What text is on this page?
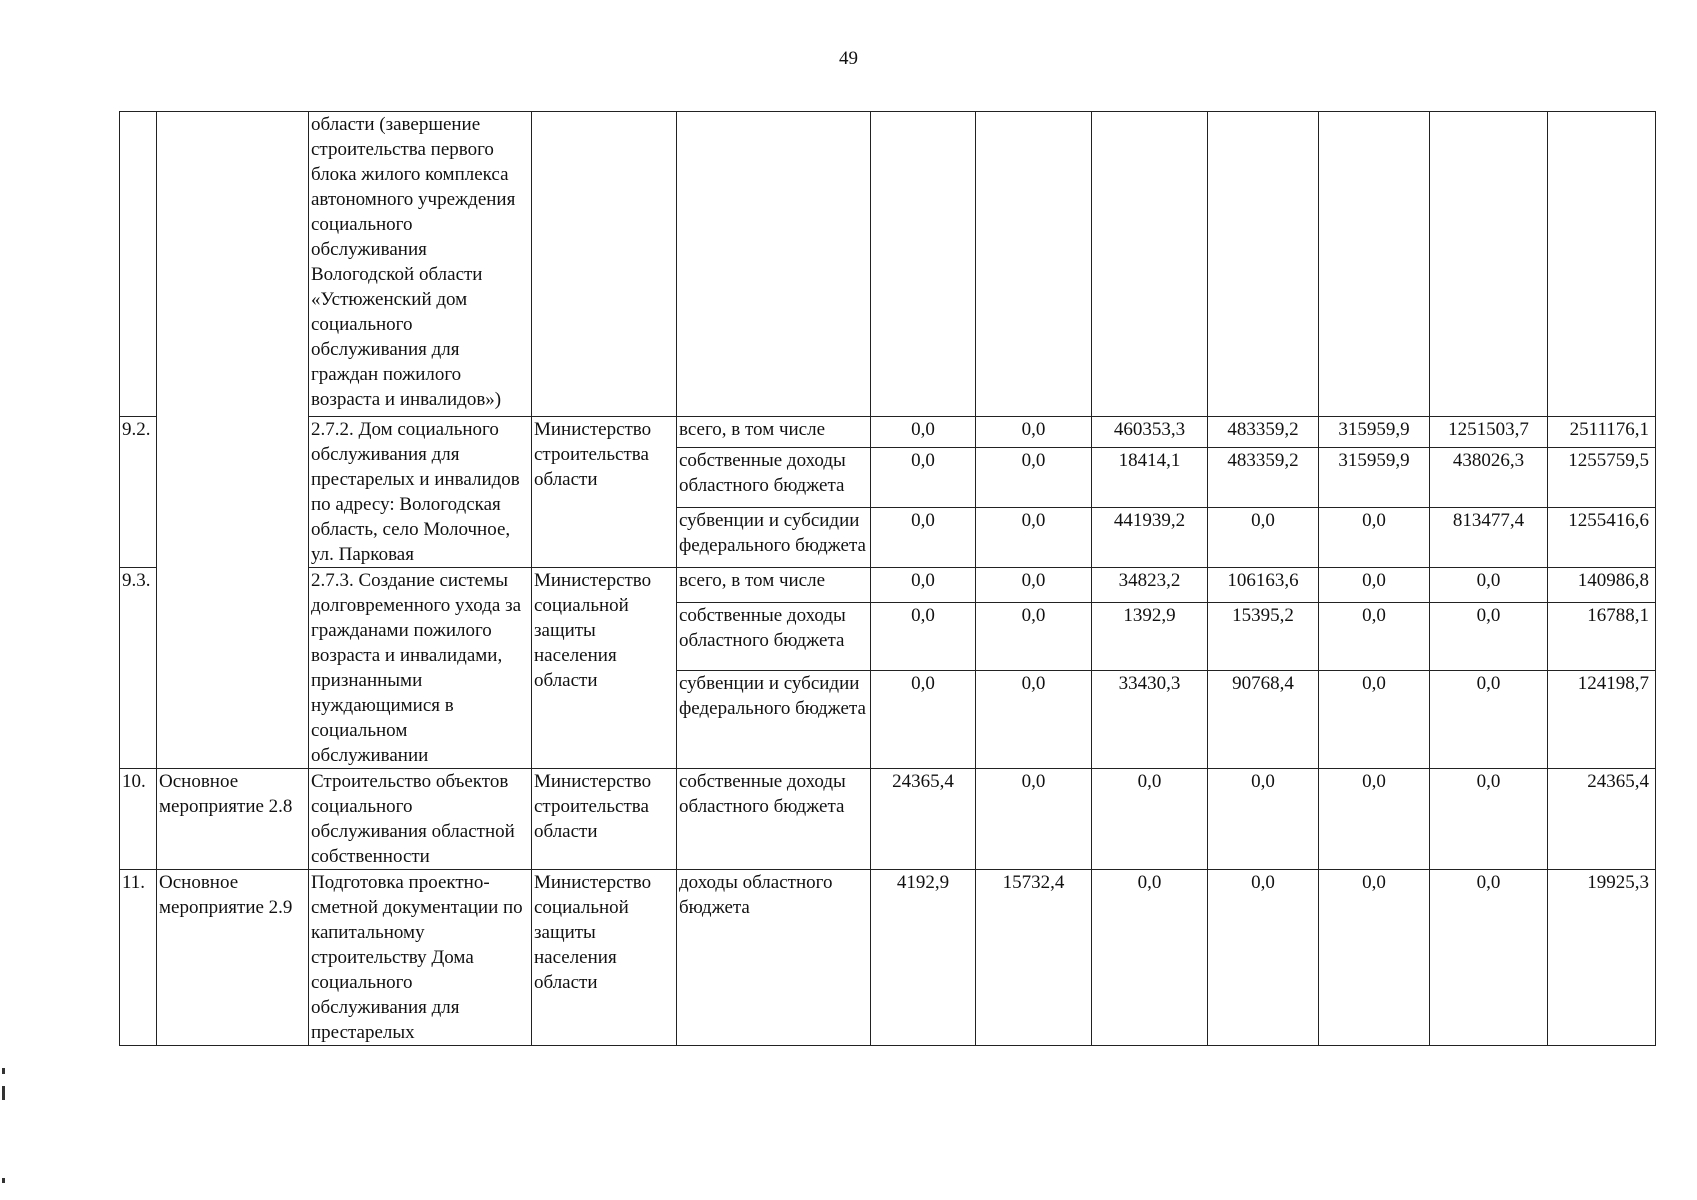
49
		области (завершение строительства первого блока жилого комплекса автономного учреждения социального обслуживания Вологодской области «Устюженский дом социального обслуживания для граждан пожилого возраста и инвалидов»)									
9.2.		2.7.2. Дом социального обслуживания для престарелых и инвалидов по адресу: Вологодская область, село Молочное, ул. Парковая	Министерство строительства области	всего, в том числе	0,0	0,0	460353,3	483359,2	315959,9	1251503,7	2511176,1
				собственные доходы областного бюджета	0,0	0,0	18414,1	483359,2	315959,9	438026,3	1255759,5
				субвенции и субсидии федерального бюджета	0,0	0,0	441939,2	0,0	0,0	813477,4	1255416,6
9.3.		2.7.3. Создание системы долговременного ухода за гражданами пожилого возраста и инвалидами, признанными нуждающимися в социальном обслуживании	Министерство социальной защиты населения области	всего, в том числе	0,0	0,0	34823,2	106163,6	0,0	0,0	140986,8
				собственные доходы областного бюджета	0,0	0,0	1392,9	15395,2	0,0	0,0	16788,1
				субвенции и субсидии федерального бюджета	0,0	0,0	33430,3	90768,4	0,0	0,0	124198,7
10.	Основное мероприятие 2.8	Строительство объектов социального обслуживания областной собственности	Министерство строительства области	собственные доходы областного бюджета	24365,4	0,0	0,0	0,0	0,0	0,0	24365,4
11.	Основное мероприятие 2.9	Подготовка проектно-сметной документации по капитальному строительству Дома социального обслуживания для престарелых	Министерство социальной защиты населения области	доходы областного бюджета	4192,9	15732,4	0,0	0,0	0,0	0,0	19925,3
